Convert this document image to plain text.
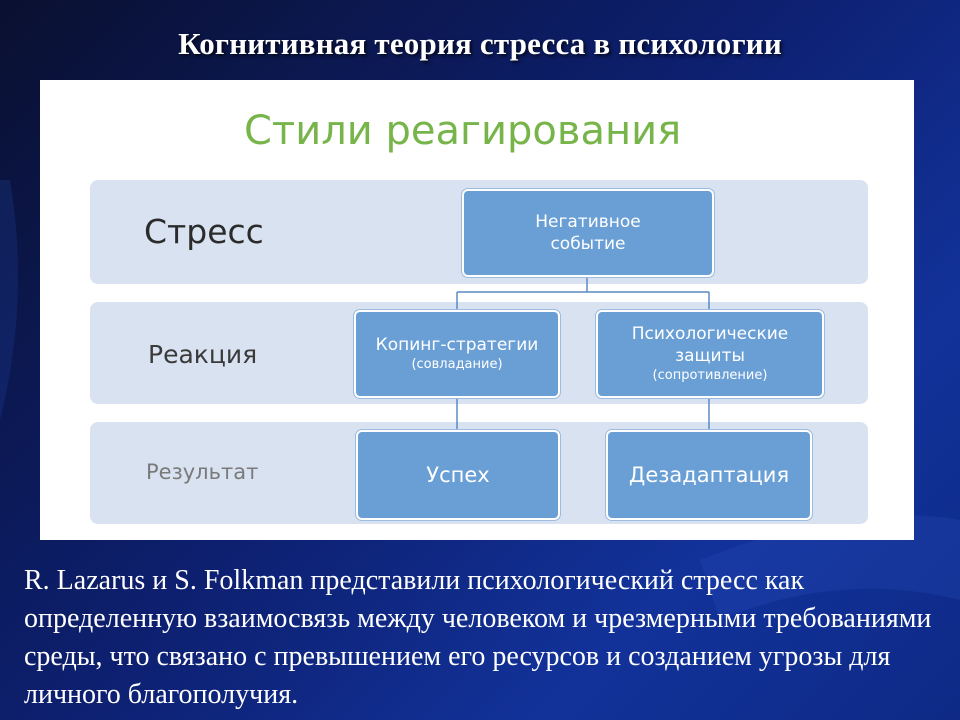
Когнитивная теория стресса в психологии
Стили реагирования
Стресс
Реакция
Результат
Негативное
событие
Копинг-стратегии
(совладание)
Психологические
защиты
(сопротивление)
Успех	Дезадаптация
R. Lazarus и S. Folkman представили психологический стресс как определенную взаимосвязь между человеком и чрезмерными требованиями среды, что связано с превышением его ресурсов и созданием угрозы для личного благополучия.
